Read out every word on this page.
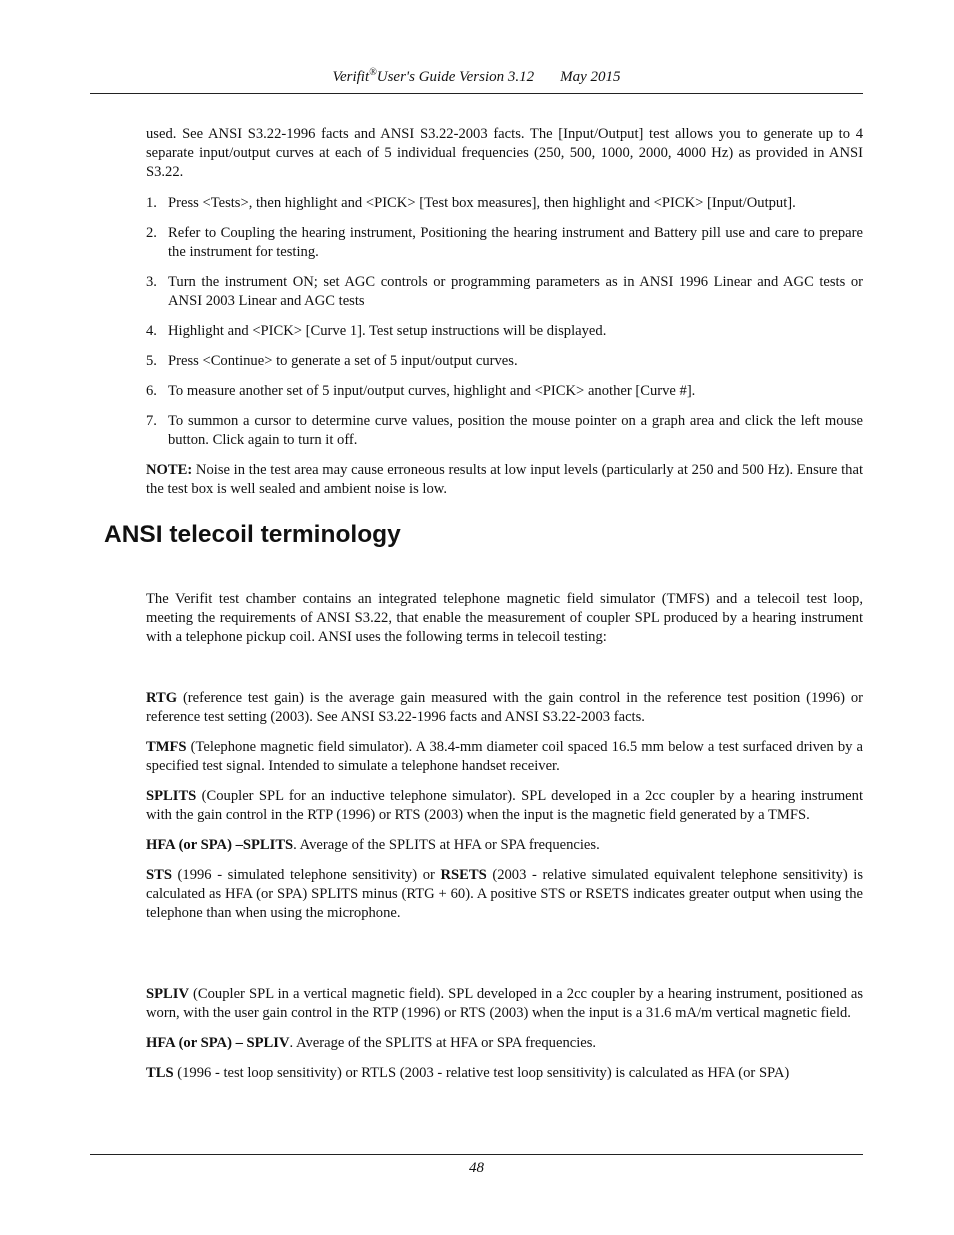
Verifit®User's Guide Version 3.12 May 2015

used. See ANSI S3.22-1996 facts and ANSI S3.22-2003 facts. The [Input/Output] test allows you to generate up to 4 separate input/output curves at each of 5 individual frequencies (250, 500, 1000, 2000, 4000 Hz) as provided in ANSI S3.22.

1. Press <Tests>, then highlight and <PICK> [Test box measures], then highlight and <PICK> [Input/Output].
2. Refer to Coupling the hearing instrument, Positioning the hearing instrument and Battery pill use and care to prepare the instrument for testing.
3. Turn the instrument ON; set AGC controls or programming parameters as in ANSI 1996 Linear and AGC tests or ANSI 2003 Linear and AGC tests
4. Highlight and <PICK> [Curve 1]. Test setup instructions will be displayed.
5. Press <Continue> to generate a set of 5 input/output curves.
6. To measure another set of 5 input/output curves, highlight and <PICK> another [Curve #].
7. To summon a cursor to determine curve values, position the mouse pointer on a graph area and click the left mouse button. Click again to turn it off.

NOTE: Noise in the test area may cause erroneous results at low input levels (particularly at 250 and 500 Hz). Ensure that the test box is well sealed and ambient noise is low.

ANSI telecoil terminology

The Verifit test chamber contains an integrated telephone magnetic field simulator (TMFS) and a telecoil test loop, meeting the requirements of ANSI S3.22, that enable the measurement of coupler SPL produced by a hearing instrument with a telephone pickup coil. ANSI uses the following terms in telecoil testing:

RTG (reference test gain) is the average gain measured with the gain control in the reference test position (1996) or reference test setting (2003). See ANSI S3.22-1996 facts and ANSI S3.22-2003 facts.

TMFS (Telephone magnetic field simulator). A 38.4-mm diameter coil spaced 16.5 mm below a test surfaced driven by a specified test signal. Intended to simulate a telephone handset receiver.

SPLITS (Coupler SPL for an inductive telephone simulator). SPL developed in a 2cc coupler by a hearing instrument with the gain control in the RTP (1996) or RTS (2003) when the input is the magnetic field generated by a TMFS.

HFA (or SPA) –SPLITS. Average of the SPLITS at HFA or SPA frequencies.

STS (1996 - simulated telephone sensitivity) or RSETS (2003 - relative simulated equivalent telephone sensitivity) is calculated as HFA (or SPA) SPLITS minus (RTG + 60). A positive STS or RSETS indicates greater output when using the telephone than when using the microphone.

SPLIV (Coupler SPL in a vertical magnetic field). SPL developed in a 2cc coupler by a hearing instrument, positioned as worn, with the user gain control in the RTP (1996) or RTS (2003) when the input is a 31.6 mA/m vertical magnetic field.

HFA (or SPA) – SPLIV. Average of the SPLITS at HFA or SPA frequencies.

TLS (1996 - test loop sensitivity) or RTLS (2003 - relative test loop sensitivity) is calculated as HFA (or SPA)

48
